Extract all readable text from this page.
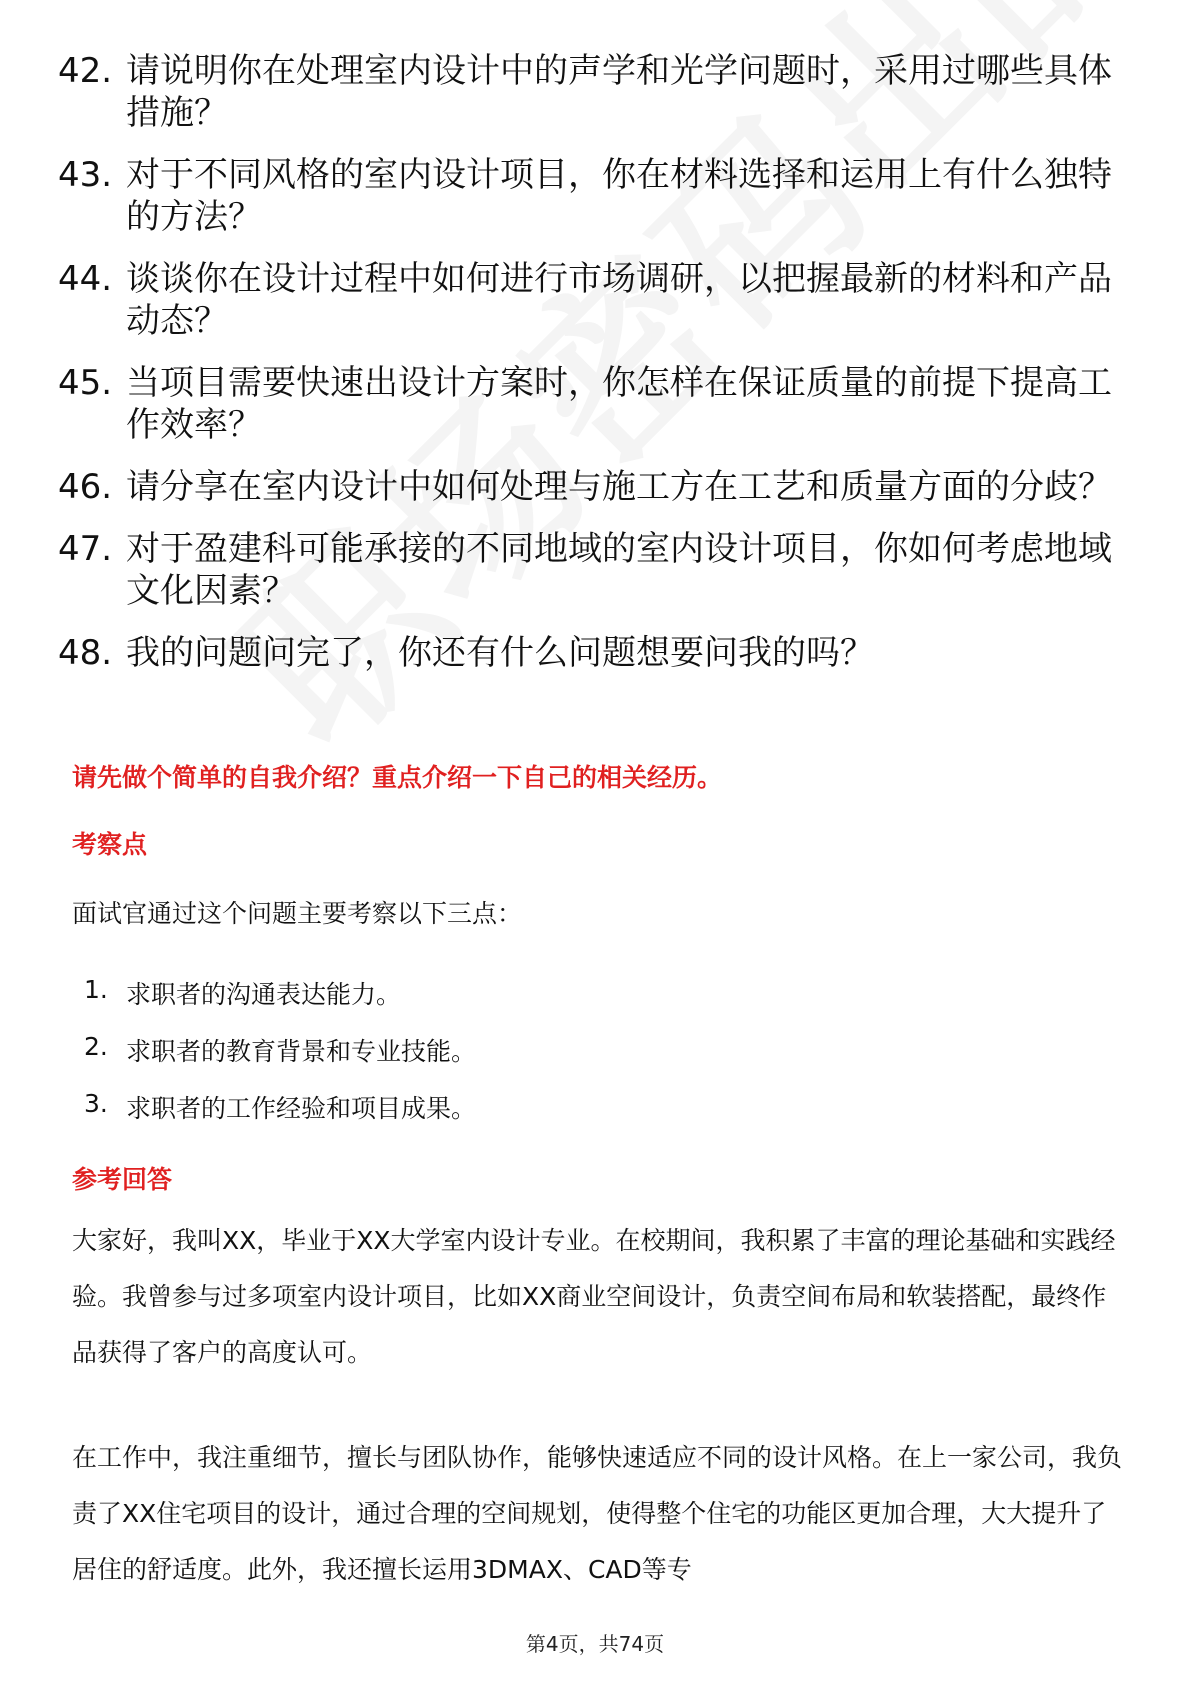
42. 请说明你在处理室内设计中的声学和光学问题时，采用过哪些具体措施？
43. 对于不同风格的室内设计项目，你在材料选择和运用上有什么独特的方法？
44. 谈谈你在设计过程中如何进行市场调研，以把握最新的材料和产品动态？
45. 当项目需要快速出设计方案时，你怎样在保证质量的前提下提高工作效率？
46. 请分享在室内设计中如何处理与施工方在工艺和质量方面的分歧？
47. 对于盈建科可能承接的不同地域的室内设计项目，你如何考虑地域文化因素？
48. 我的问题问完了，你还有什么问题想要问我的吗？

请先做个简单的自我介绍？重点介绍一下自己的相关经历。

考察点

面试官通过这个问题主要考察以下三点：

1. 求职者的沟通表达能力。
2. 求职者的教育背景和专业技能。
3. 求职者的工作经验和项目成果。

参考回答

大家好，我叫XX，毕业于XX大学室内设计专业。在校期间，我积累了丰富的理论基础和实践经验。我曾参与过多项室内设计项目，比如XX商业空间设计，负责空间布局和软装搭配，最终作品获得了客户的高度认可。

在工作中，我注重细节，擅长与团队协作，能够快速适应不同的设计风格。在上一家公司，我负责了XX住宅项目的设计，通过合理的空间规划，使得整个住宅的功能区更加合理，大大提升了居住的舒适度。此外，我还擅长运用3DMAX、CAD等专

第4页，共74页
